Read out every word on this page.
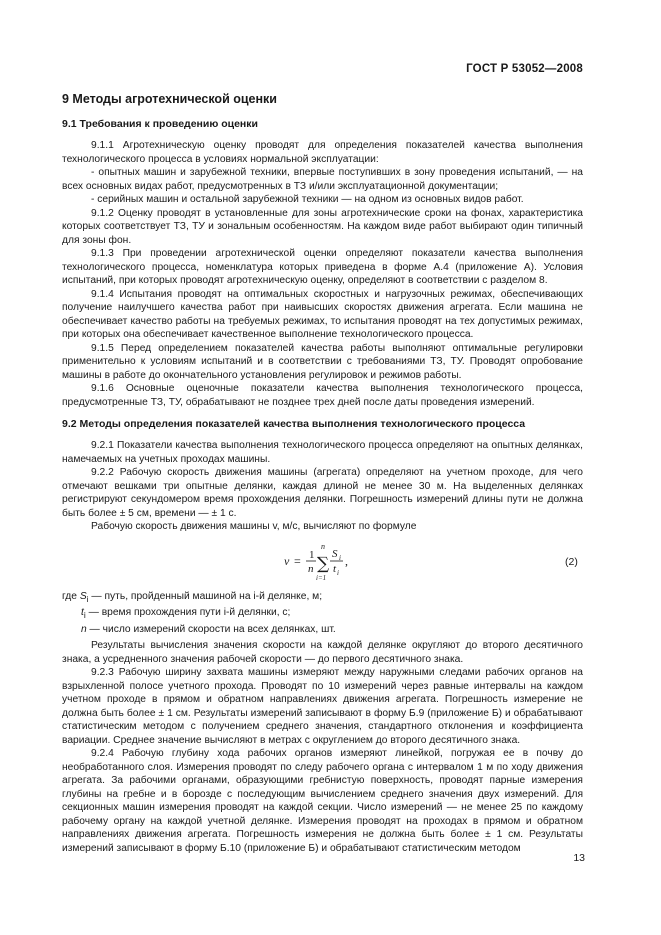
ГОСТ Р 53052—2008
9 Методы агротехнической оценки
9.1 Требования к проведению оценки

9.1.1 Агротехническую оценку проводят для определения показателей качества выполнения технологического процесса в условиях нормальной эксплуатации:

- опытных машин и зарубежной техники, впервые поступивших в зону проведения испытаний, — на всех основных видах работ, предусмотренных в ТЗ и/или эксплуатационной документации;

- серийных машин и остальной зарубежной техники — на одном из основных видов работ.

9.1.2 Оценку проводят в установленные для зоны агротехнические сроки на фонах, характеристика которых соответствует ТЗ, ТУ и зональным особенностям. На каждом виде работ выбирают один типичный для зоны фон.

9.1.3 При проведении агротехнической оценки определяют показатели качества выполнения технологического процесса, номенклатура которых приведена в форме А.4 (приложение А). Условия испытаний, при которых проводят агротехническую оценку, определяют в соответствии с разделом 8.

9.1.4 Испытания проводят на оптимальных скоростных и нагрузочных режимах, обеспечивающих получение наилучшего качества работ при наивысших скоростях движения агрегата. Если машина не обеспечивает качество работы на требуемых режимах, то испытания проводят на тех допустимых режимах, при которых она обеспечивает качественное выполнение технологического процесса.

9.1.5 Перед определением показателей качества работы выполняют оптимальные регулировки применительно к условиям испытаний и в соответствии с требованиями ТЗ, ТУ. Проводят опробование машины в работе до окончательного установления регулировок и режимов работы.

9.1.6 Основные оценочные показатели качества выполнения технологического процесса, предусмотренные ТЗ, ТУ, обрабатывают не позднее трех дней после даты проведения измерений.

9.2 Методы определения показателей качества выполнения технологического процесса

9.2.1 Показатели качества выполнения технологического процесса определяют на опытных делянках, намечаемых на учетных проходах машины.

9.2.2 Рабочую скорость движения машины (агрегата) определяют на учетном проходе, для чего отмечают вешками три опытные делянки, каждая длиной не менее 30 м. На выделенных делянках регистрируют секундомером время прохождения делянки. Погрешность измерений длины пути не должна быть более ± 5 см, времени — ± 1 с.

Рабочую скорость движения машины v, м/с, вычисляют по формуле

v = 1
n
n
∑
i=1
S i
t i
,	(2)

где $S_i$ — путь, пройденный машиной на i-й делянке, м;

$t_i$ — время прохождения пути i-й делянки, с;

n — число измерений скорости на всех делянках, шт.

Результаты вычисления значения скорости на каждой делянке округляют до второго десятичного знака, а усредненного значения рабочей скорости — до первого десятичного знака.

9.2.3 Рабочую ширину захвата машины измеряют между наружными следами рабочих органов на взрыхленной полосе учетного прохода. Проводят по 10 измерений через равные интервалы на каждом учетном проходе в прямом и обратном направлениях движения агрегата. Погрешность измерение не должна быть более ± 1 см. Результаты измерений записывают в форму Б.9 (приложение Б) и обрабатывают статистическим методом с получением среднего значения, стандартного отклонения и коэффициента вариации. Среднее значение вычисляют в метрах с округлением до второго десятичного знака.

9.2.4 Рабочую глубину хода рабочих органов измеряют линейкой, погружая ее в почву до необработанного слоя. Измерения проводят по следу рабочего органа с интервалом 1 м по ходу движения агрегата. За рабочими органами, образующими гребнистую поверхность, проводят парные измерения глубины на гребне и в борозде с последующим вычислением среднего значения двух измерений. Для секционных машин измерения проводят на каждой секции. Число измерений — не менее 25 по каждому рабочему органу на каждой учетной делянке. Измерения проводят на проходах в прямом и обратном направлениях движения агрегата. Погрешность измерения не должна быть более ± 1 см. Результаты измерений записывают в форму Б.10 (приложение Б) и обрабатывают статистическим методом

13
